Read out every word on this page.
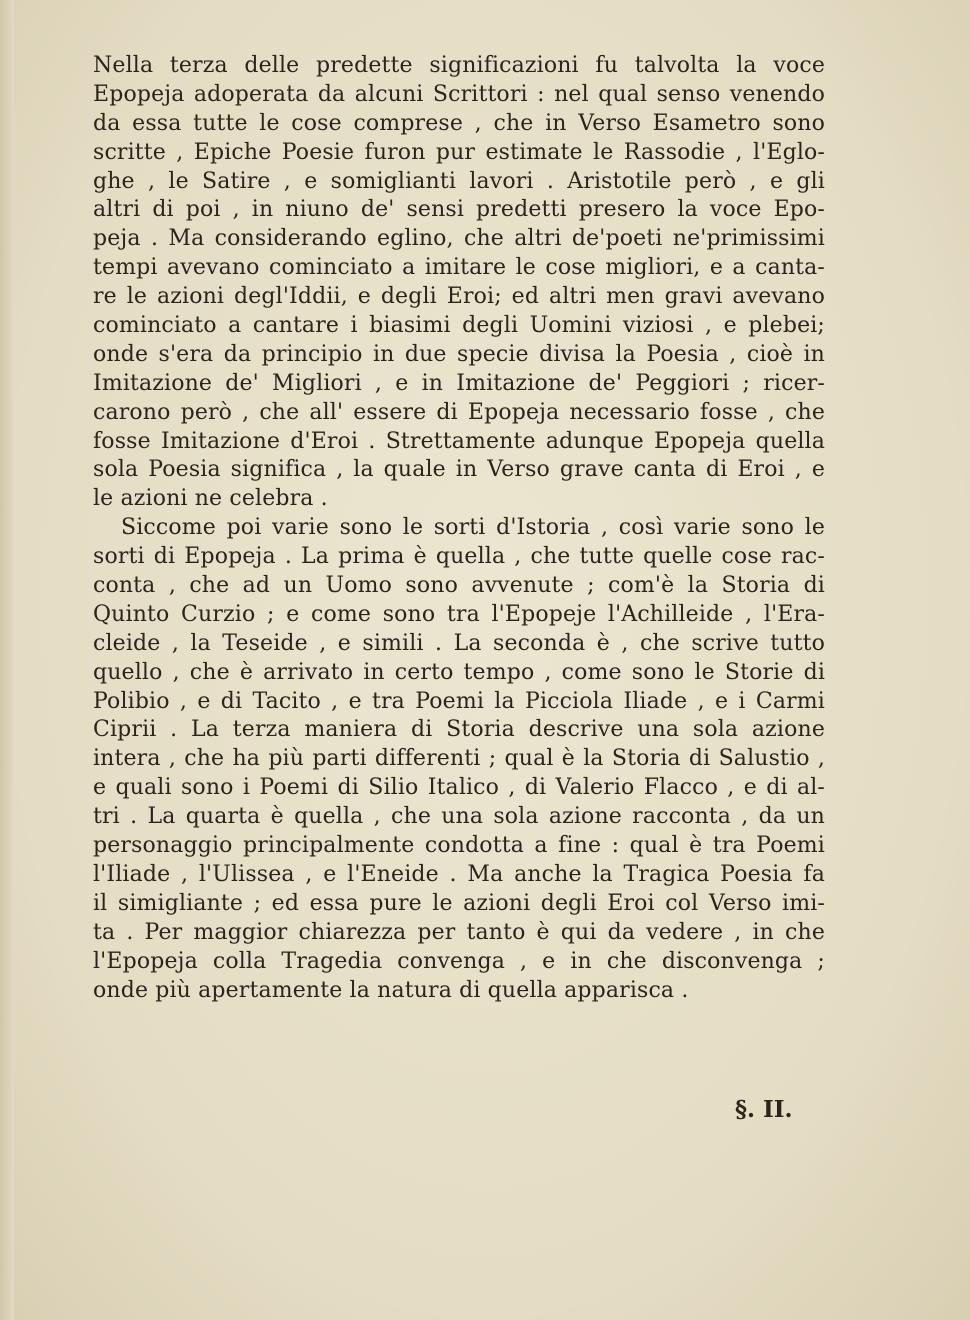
Nella terza delle predette significazioni fu talvolta la voce
Epopeja adoperata da alcuni Scrittori : nel qual senso venendo
da essa tutte le cose comprese , che in Verso Esametro sono
scritte , Epiche Poesie furon pur estimate le Rassodie , l'Eglo-
ghe , le Satire , e somiglianti lavori . Aristotile però , e gli
altri di poi , in niuno de' sensi predetti presero la voce Epo-
peja . Ma considerando eglino, che altri de'poeti ne'primissimi
tempi avevano cominciato a imitare le cose migliori, e a canta-
re le azioni degl'Iddii, e degli Eroi; ed altri men gravi avevano
cominciato a cantare i biasimi degli Uomini viziosi , e plebei;
onde s'era da principio in due specie divisa la Poesia , cioè in
Imitazione de' Migliori , e in Imitazione de' Peggiori ; ricer-
carono però , che all' essere di Epopeja necessario fosse , che
fosse Imitazione d'Eroi . Strettamente adunque Epopeja quella
sola Poesia significa , la quale in Verso grave canta di Eroi , e
le azioni ne celebra .
Siccome poi varie sono le sorti d'Istoria , così varie sono le
sorti di Epopeja . La prima è quella , che tutte quelle cose rac-
conta , che ad un Uomo sono avvenute ; com'è la Storia di
Quinto Curzio ; e come sono tra l'Epopeje l'Achilleide , l'Era-
cleide , la Teseide , e simili . La seconda è , che scrive tutto
quello , che è arrivato in certo tempo , come sono le Storie di
Polibio , e di Tacito , e tra Poemi la Picciola Iliade , e i Carmi
Ciprii . La terza maniera di Storia descrive una sola azione
intera , che ha più parti differenti ; qual è la Storia di Salustio ,
e quali sono i Poemi di Silio Italico , di Valerio Flacco , e di al-
tri . La quarta è quella , che una sola azione racconta , da un
personaggio principalmente condotta a fine : qual è tra Poemi
l'Iliade , l'Ulissea , e l'Eneide . Ma anche la Tragica Poesia fa
il simigliante ; ed essa pure le azioni degli Eroi col Verso imi-
ta . Per maggior chiarezza per tanto è qui da vedere , in che
l'Epopeja colla Tragedia convenga , e in che disconvenga ;
onde più apertamente la natura di quella apparisca .
§. II.
